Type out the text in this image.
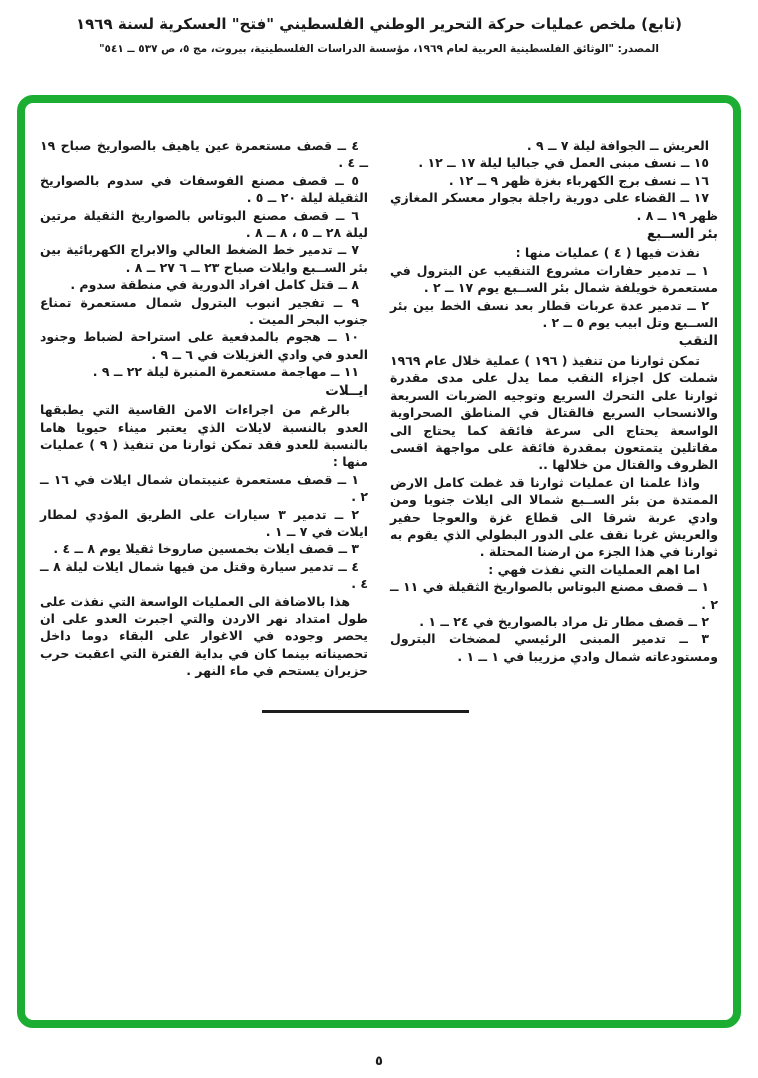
(تابع) ملخص عمليات حركة التحرير الوطني الفلسطيني "فتح" العسكرية لسنة ١٩٦٩
المصدر: "الوثائق الفلسطينية العربية لعام ١٩٦٩، مؤسسة الدراسات الفلسطينية، بيروت، مج ٥، ص ٥٣٧ ــ ٥٤١"
العريش ــ الجوافة ليلة ٧ ــ ٩ .
١٥ ــ نسف مبنى العمل في جباليا ليلة ١٧ ــ ١٢ .
١٦ ــ نسف برج الكهرباء بغزة ظهر ٩ ــ ١٢ .
١٧ ــ القضاء على دورية راجلة بجوار معسكر المغازي ظهر ١٩ ــ ٨ .
بئر الســبع
نفذت فيها ( ٤ ) عمليات منها :
١ ــ تدمير حفارات مشروع التنقيب عن البترول في مستعمرة خويلفة شمال بئر الســبع يوم ١٧ ــ ٢ .
٢ ــ تدمير عدة عربات قطار بعد نسف الخط بين بئر الســبع وتل ابيب يوم ٥ ــ ٢ .
النقب
تمكن ثوارنا من تنفيذ ( ١٩٦ ) عملية خلال عام ١٩٦٩ شملت كل اجزاء النقب مما يدل على مدى مقدرة ثوارنا على التحرك السريع وتوجيه الضربات السريعة والانسحاب السريع فالقتال في المناطق الصحراوية الواسعة يحتاج الى سرعة فائقة كما يحتاج الى مقاتلين يتمتعون بمقدرة فائقة على مواجهة اقسى الظروف والقتال من خلالها ..
واذا علمنا ان عمليات ثوارنا قد غطت كامل الارض الممتدة من بئر الســبع شمالا الى ايلات جنوبا ومن وادي عربة شرقا الى قطاع غزة والعوجا حفير والعريش غربا نقف على الدور البطولي الذي يقوم به ثوارنا في هذا الجزء من ارضنا المحتلة .
اما اهم العمليات التي نفذت فهي :
١ ــ قصف مصنع البوتاس بالصواريخ الثقيلة في ١١ ــ ٢ .
٢ ــ قصف مطار تل مراد بالصواريخ في ٢٤ ــ ١ .
٣ ــ تدمير المبنى الرئيسي لمضخات البترول ومستودعاته شمال وادي مزريبا في ١ ــ ١ .
٤ ــ قصف مستعمرة عين ياهيف بالصواريخ صباح ١٩ ــ ٤ .
٥ ــ قصف مصنع الفوسفات في سدوم بالصواريخ الثقيلة ليلة ٢٠ ــ ٥ .
٦ ــ قصف مصنع البوتاس بالصواريخ الثقيلة مرتين ليلة ٢٨ ــ ٥ ، ٨ ــ ٨ .
٧ ــ تدمير خط الضغط العالي والابراج الكهربائية بين بئر الســبع وايلات صباح ٢٣ ــ ٦ ٢٧ ــ ٨ .
٨ ــ قتل كامل افراد الدورية في منطقة سدوم .
٩ ــ تفجير انبوب البترول شمال مستعمرة تمناع جنوب البحر الميت .
١٠ ــ هجوم بالمدفعية على استراحة لضباط وجنود العدو في وادي الغزيلات في ٦ ــ ٩ .
١١ ــ مهاجمة مستعمرة المنبرة ليلة ٢٢ ــ ٩ .
ايــلات
بالرغم من اجراءات الامن القاسية التي يطبقها العدو بالنسبة لايلات الذي يعتبر ميناء حيويا هاما بالنسبة للعدو فقد تمكن ثوارنا من تنفيذ ( ٩ ) عمليات منها :
١ ــ قصف مستعمرة عنيبتمان شمال ايلات في ١٦ ــ ٢ .
٢ ــ تدمير ٣ سيارات على الطريق المؤدي لمطار ايلات في ٧ ــ ١ .
٣ ــ قصف ايلات بخمسين صاروخا ثقيلا يوم ٨ ــ ٤ .
٤ ــ تدمير سيارة وقتل من فيها شمال ايلات ليلة ٨ ــ ٤ .
هذا بالاضافة الى العمليات الواسعة التي نفذت على طول امتداد نهر الاردن والتي اجبرت العدو على ان يحصر وجوده في الاغوار على البقاء دوما داخل تحصيناته بينما كان في بداية الفترة التي اعقبت حرب حزيران يستحم في ماء النهر .
٥
